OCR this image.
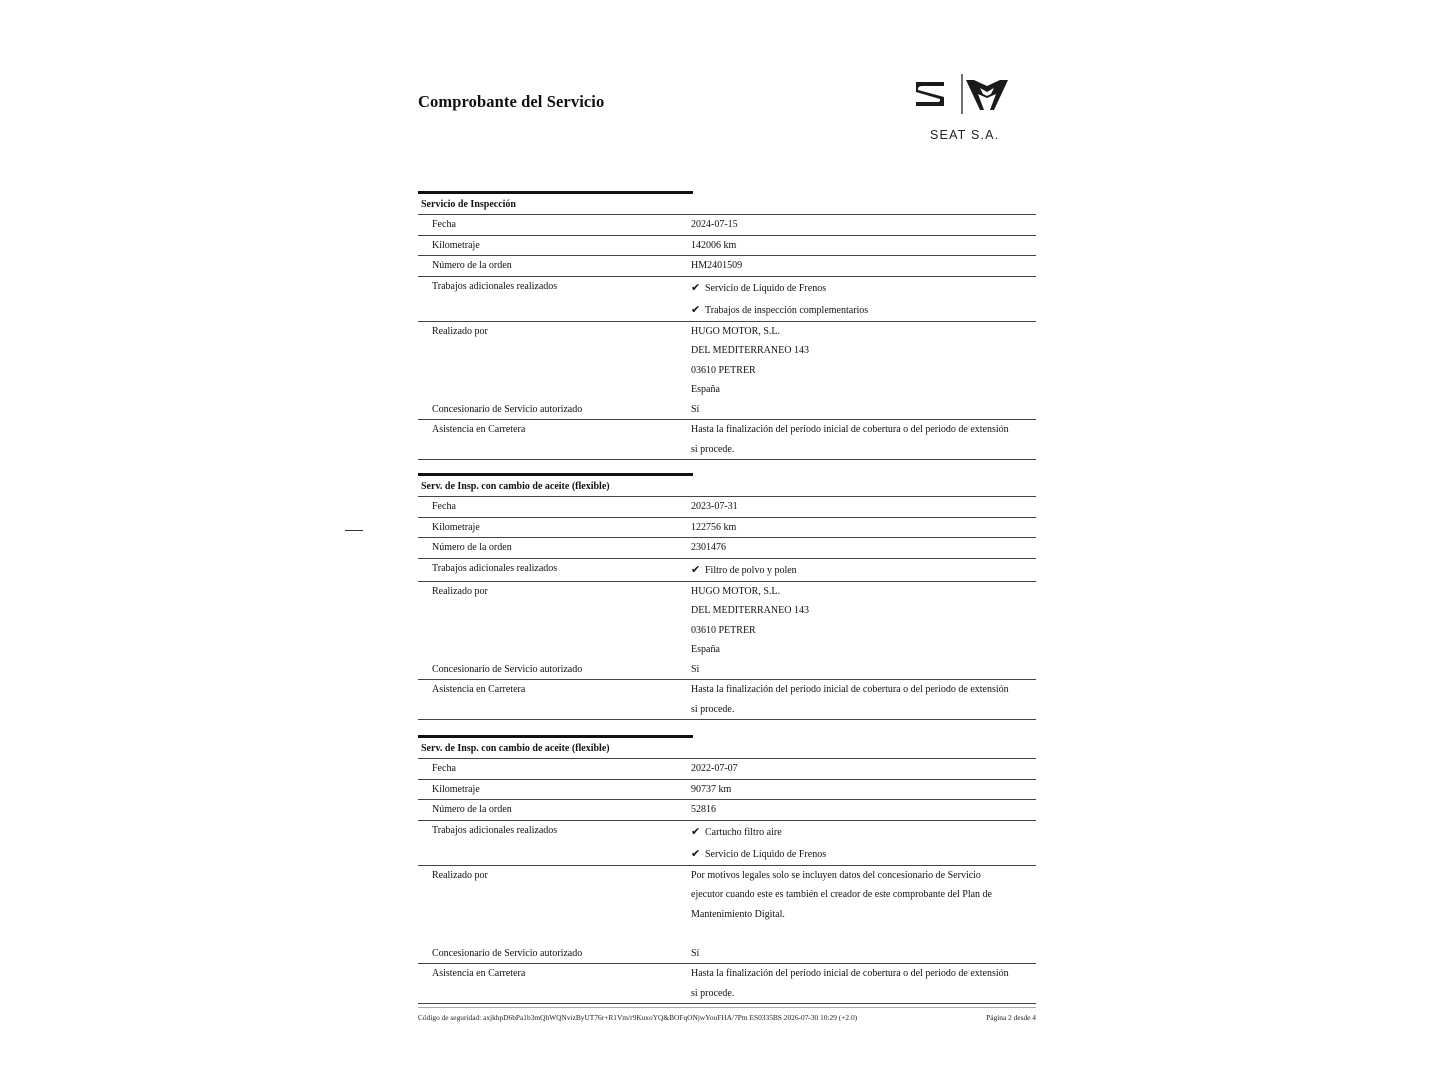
Comprobante del Servicio
SEAT S.A.
Servicio de Inspección
Fecha	2024-07-15
Kilometraje	142006 km
Número de la orden	HM2401509
Trabajos adicionales realizados	✔ Servicio de Líquido de Frenos
✔ Trabajos de inspección complementarios
Realizado por	HUGO MOTOR, S.L.
DEL MEDITERRANEO 143
03610 PETRER
España
Concesionario de Servicio autorizado	Sí
Asistencia en Carretera	Hasta la finalización del periodo inicial de cobertura o del periodo de extensión
si procede.
Serv. de Insp. con cambio de aceite (flexible)
Fecha	2023-07-31
Kilometraje	122756 km
Número de la orden	2301476
Trabajos adicionales realizados	✔ Filtro de polvo y polen
Realizado por	HUGO MOTOR, S.L.
DEL MEDITERRANEO 143
03610 PETRER
España
Concesionario de Servicio autorizado	Sí
Asistencia en Carretera	Hasta la finalización del periodo inicial de cobertura o del periodo de extensión
si procede.
Serv. de Insp. con cambio de aceite (flexible)
Fecha	2022-07-07
Kilometraje	90737 km
Número de la orden	52816
Trabajos adicionales realizados	✔ Cartucho filtro aire
✔ Servicio de Líquido de Frenos
Realizado por	Por motivos legales solo se incluyen datos del concesionario de Servicio
ejecutor cuando este es también el creador de este comprobante del Plan de
Mantenimiento Digital.

Concesionario de Servicio autorizado	Sí
Asistencia en Carretera	Hasta la finalización del periodo inicial de cobertura o del periodo de extensión
si procede.
Código de seguridad: axjkhpD6bPa1b3mQhWQNvizByUT76r+R1Vm/r9KuxoYQ&BOFqONjwYouFHA/7Pm ES0335BS 2026-07-30 10:29 (+2.0)	Página 2 desde 4
